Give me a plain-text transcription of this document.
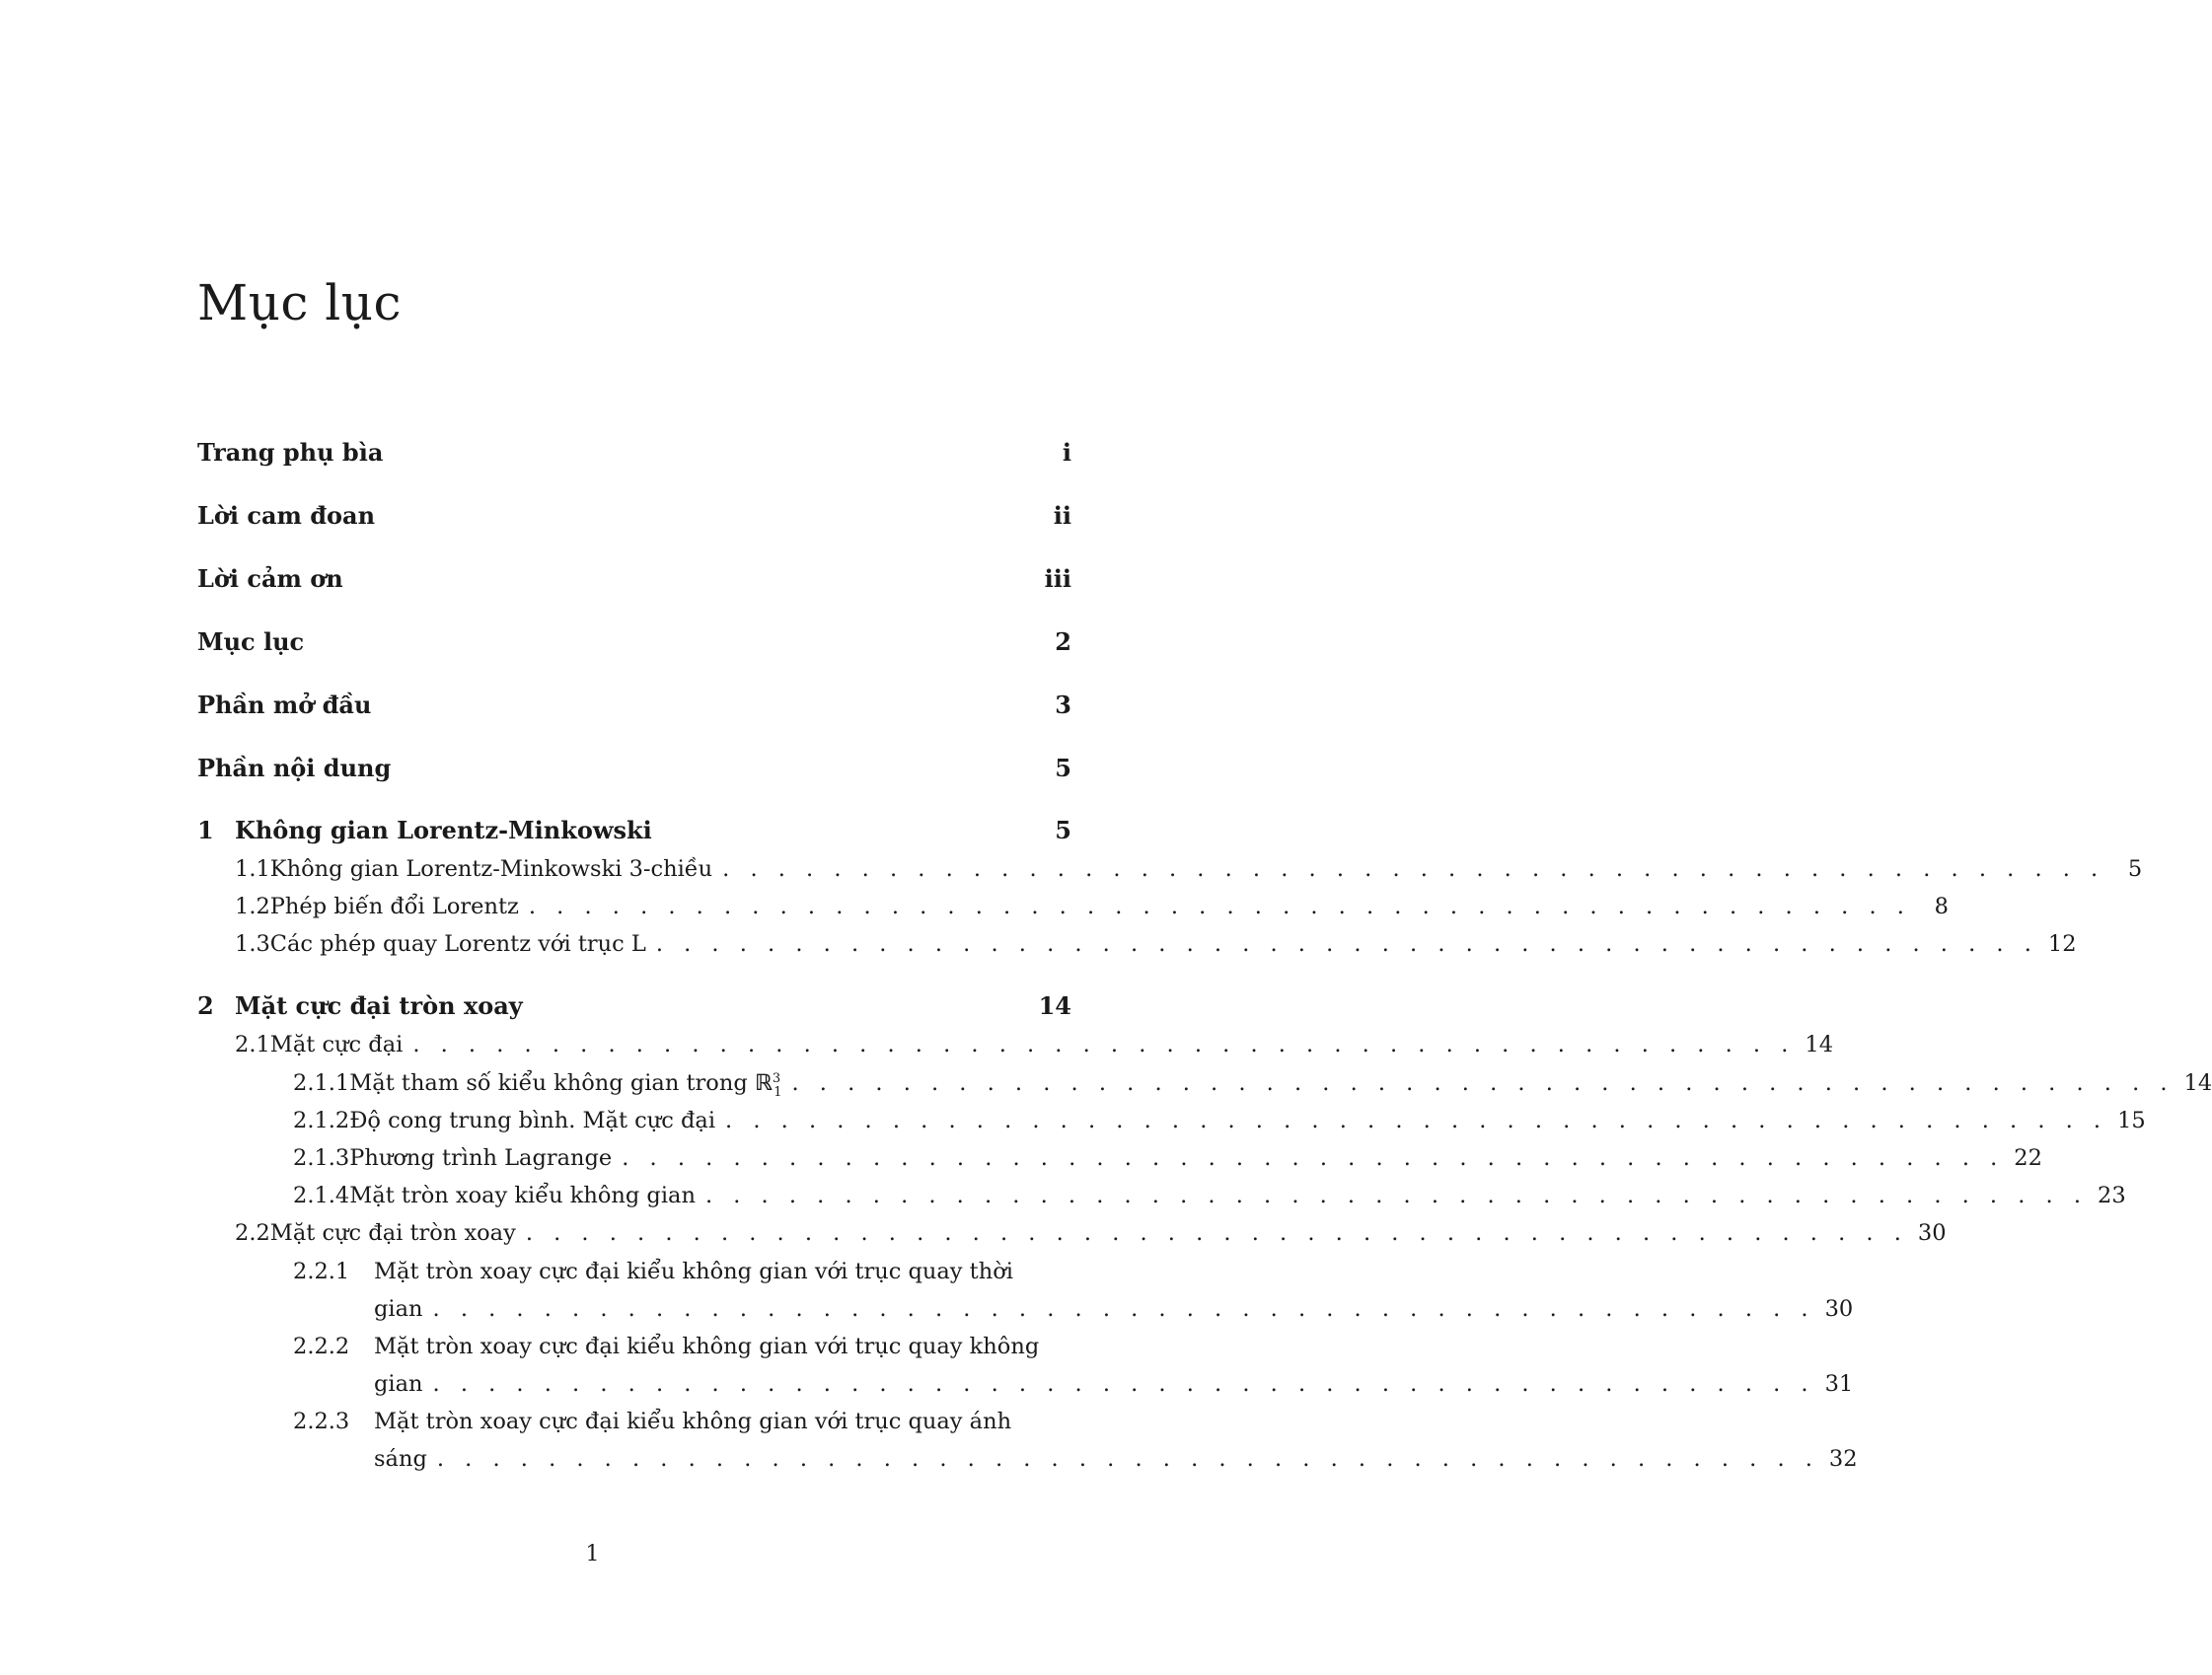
Mục lục
Trang phụ bìa	i
Lời cam đoan	ii
Lời cảm ơn	iii
Mục lục	2
Phần mở đầu	3
Phần nội dung	5
1 Không gian Lorentz-Minkowski	5
1.1 Không gian Lorentz-Minkowski 3-chiều . . . . . . . . . . . . . . . . . . . . . . . . . . . . . . . . . . . . . . . . . . . . . . . . . .	5
1.2 Phép biến đổi Lorentz . . . . . . . . . . . . . . . . . . . . . . . . . . . . . . . . . . . . . . . . . . . . . . . . . .	8
1.3 Các phép quay Lorentz với trục L . . . . . . . . . . . . . . . . . . . . . . . . . . . . . . . . . . . . . . . . . . . . . . . . . . 12
2 Mặt cực đại tròn xoay	14
2.1 Mặt cực đại . . . . . . . . . . . . . . . . . . . . . . . . . . . . . . . . . . . . . . . . . . . . . . . . . . 14
2.1.1 Mặt tham số kiểu không gian trong ℝ$^3_1$ . . . . . . . . . . . . . . . . . . . . . . . . . . . . . . . . . . . . . . . . . . . . . . . . . . 14
2.1.2 Độ cong trung bình. Mặt cực đại . . . . . . . . . . . . . . . . . . . . . . . . . . . . . . . . . . . . . . . . . . . . . . . . . . 15
2.1.3 Phương trình Lagrange . . . . . . . . . . . . . . . . . . . . . . . . . . . . . . . . . . . . . . . . . . . . . . . . . . 22
2.1.4 Mặt tròn xoay kiểu không gian . . . . . . . . . . . . . . . . . . . . . . . . . . . . . . . . . . . . . . . . . . . . . . . . . . 23
2.2 Mặt cực đại tròn xoay . . . . . . . . . . . . . . . . . . . . . . . . . . . . . . . . . . . . . . . . . . . . . . . . . . 30
2.2.1	Mặt tròn xoay cực đại kiểu không gian với trục quay thời
gian . . . . . . . . . . . . . . . . . . . . . . . . . . . . . . . . . . . . . . . . . . . . . . . . . . 30
2.2.2	Mặt tròn xoay cực đại kiểu không gian với trục quay không
gian . . . . . . . . . . . . . . . . . . . . . . . . . . . . . . . . . . . . . . . . . . . . . . . . . . 31
2.2.3	Mặt tròn xoay cực đại kiểu không gian với trục quay ánh
sáng . . . . . . . . . . . . . . . . . . . . . . . . . . . . . . . . . . . . . . . . . . . . . . . . . . 32
1
